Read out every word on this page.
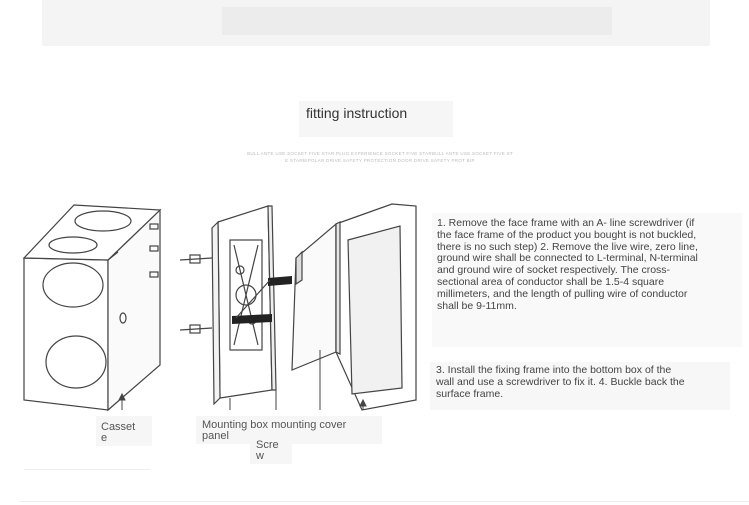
fitting instruction
BULL ANTE USE SOCKET FIVE STAR PLUG EXPERIENCE SOCKET FIVE STARBULL ANTE USE SOCKET FIVE ST
E STARBIPOLAR DRIVE SAFETY PROTECTION DOOR DRIVE SAFETY PROT BIP
1. Remove the face frame with an A- line screwdriver (if
the face frame of the product you bought is not buckled,
there is no such step) 2. Remove the live wire, zero line,
ground wire shall be connected to L-terminal, N-terminal
and ground wire of socket respectively. The cross-
sectional area of conductor shall be 1.5-4 square
millimeters, and the length of pulling wire of conductor
shall be 9-11mm.
3. Install the fixing frame into the bottom box of the
wall and use a screwdriver to fix it. 4. Buckle back the
surface frame.
Casset
e
Mounting box mounting cover
panel
Scre
w
